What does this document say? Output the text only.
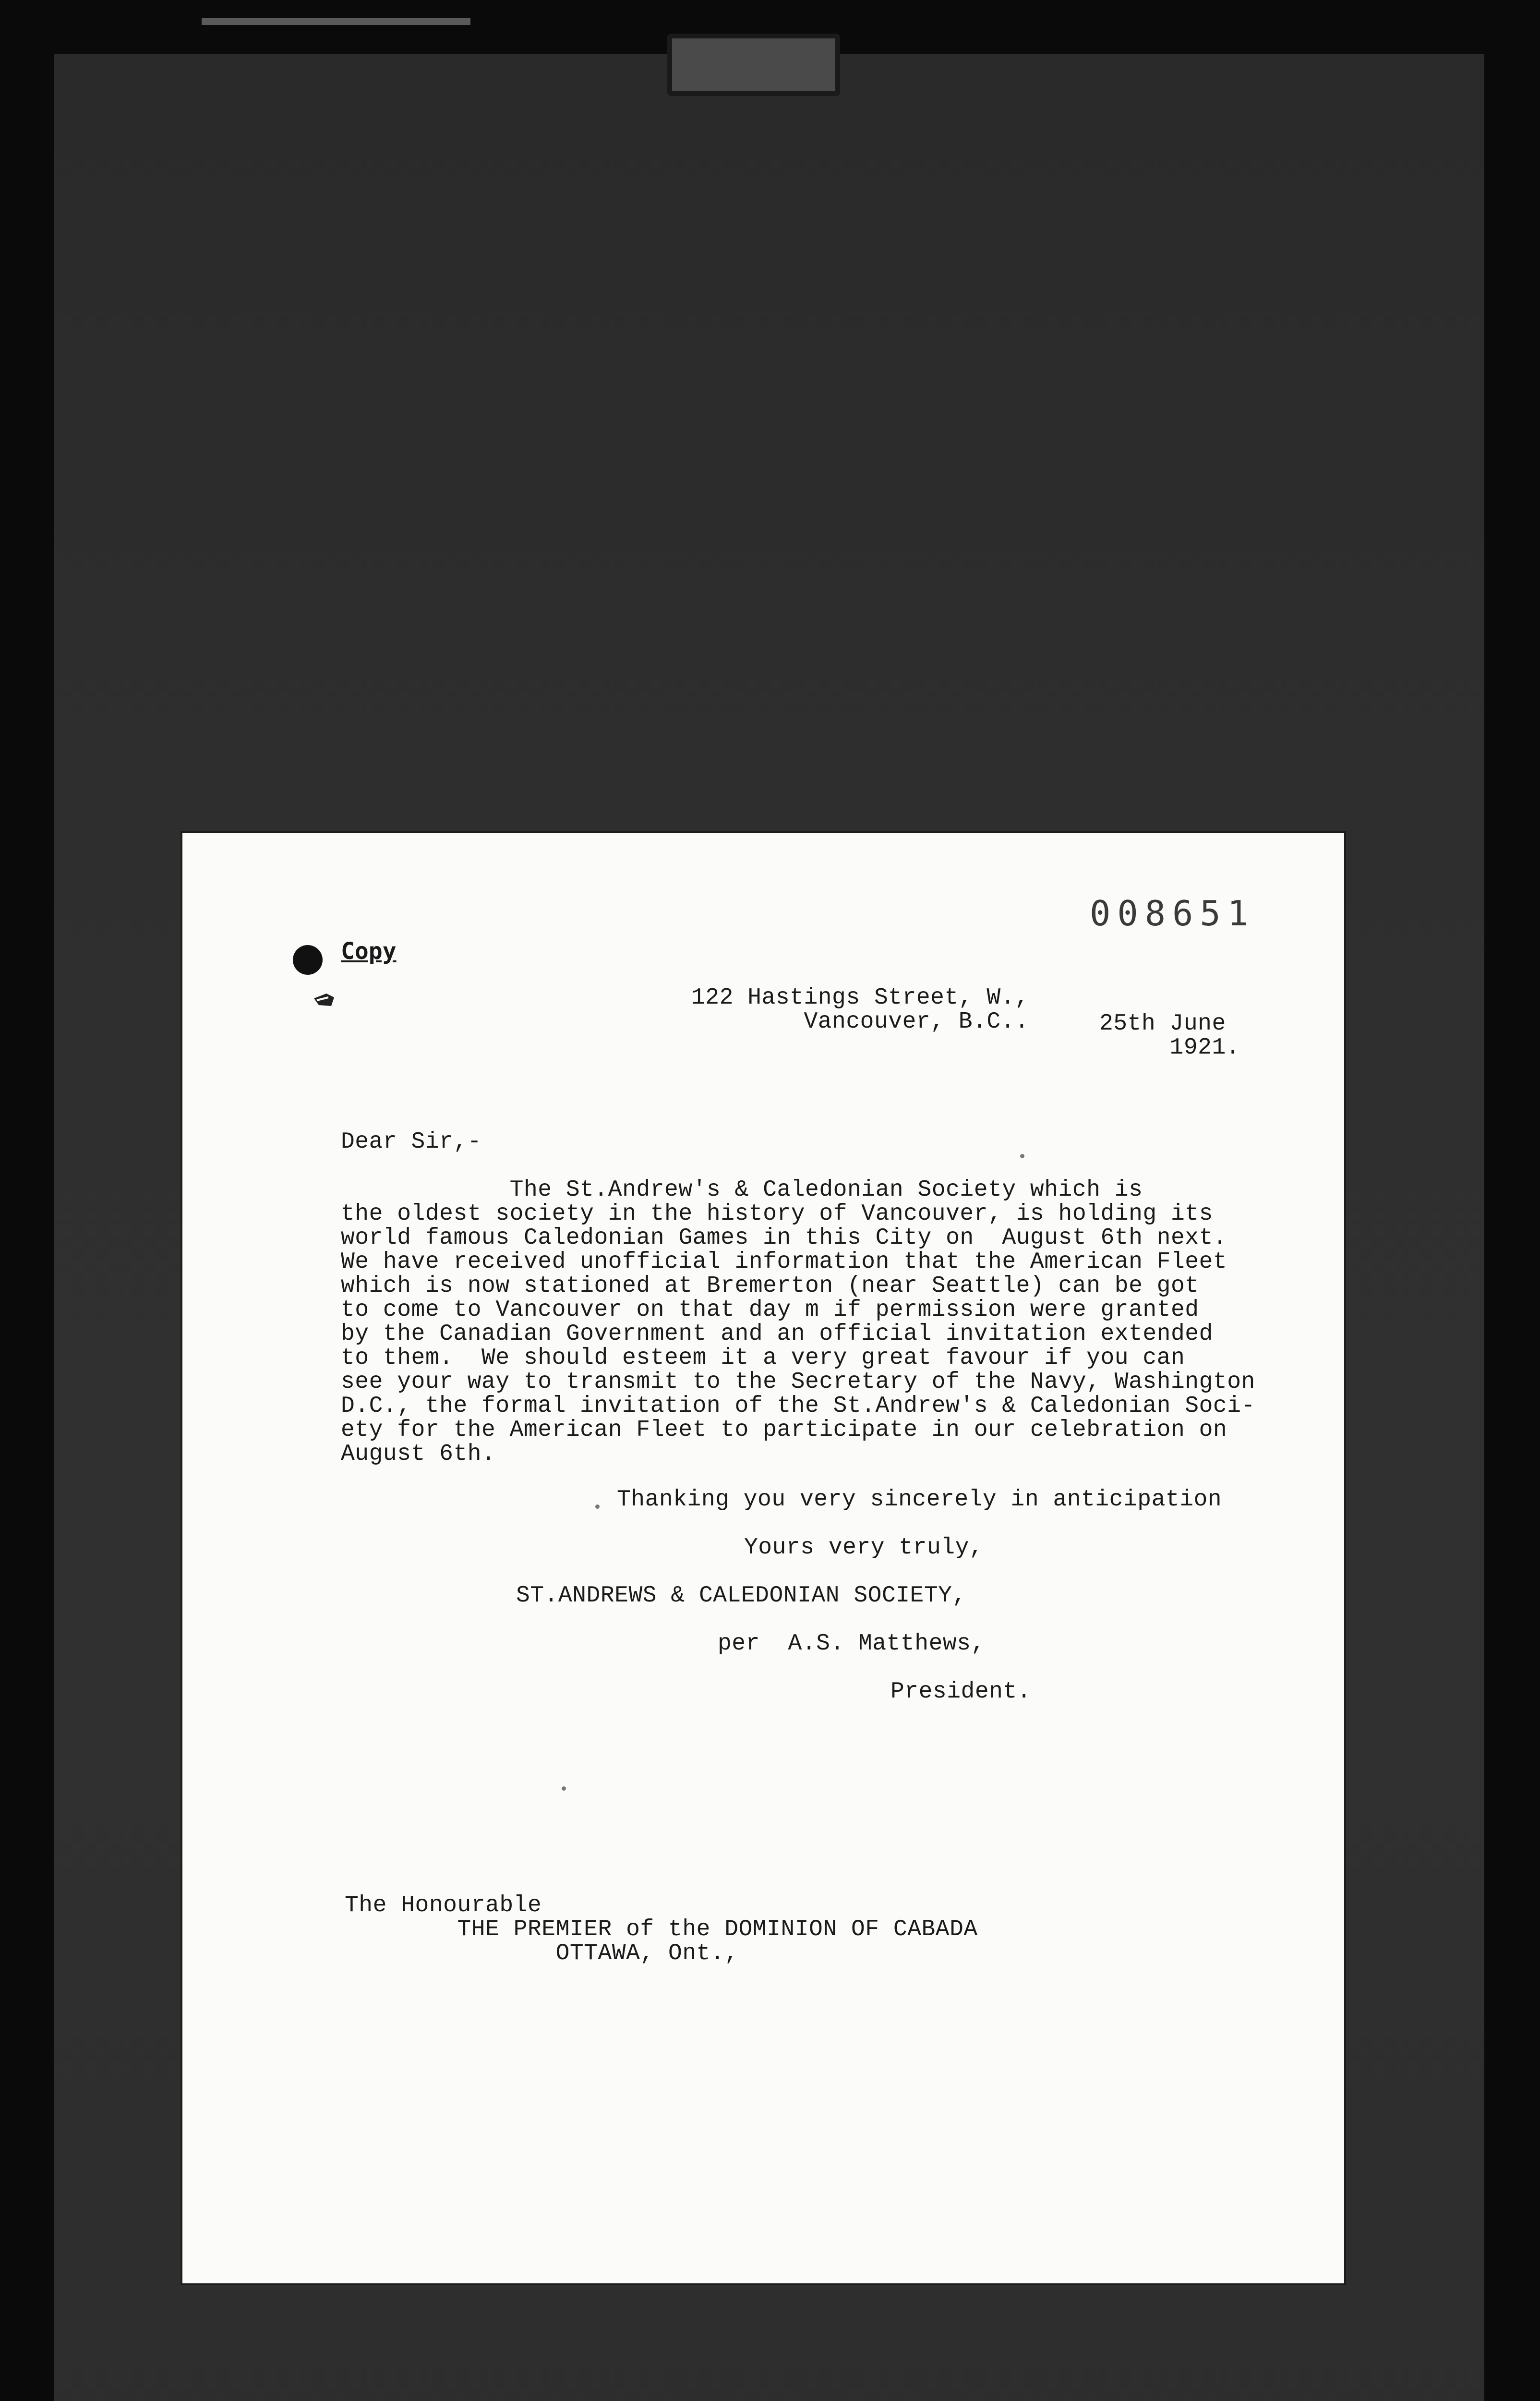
008651
Copy
122 Hastings Street, W.,
Vancouver, B.C..	25th June
1921.
Dear Sir,-
The St.Andrew's & Caledonian Society which is
the oldest society in the history of Vancouver, is holding its
world famous Caledonian Games in this City on  August 6th next.
We have received unofficial information that the American Fleet
which is now stationed at Bremerton (near Seattle) can be got
to come to Vancouver on that day m if permission were granted
by the Canadian Government and an official invitation extended
to them.  We should esteem it a very great favour if you can
see your way to transmit to the Secretary of the Navy, Washington
D.C., the formal invitation of the St.Andrew's & Caledonian Soci-
ety for the American Fleet to participate in our celebration on
August 6th.
Thanking you very sincerely in anticipation
Yours very truly,
ST.ANDREWS & CALEDONIAN SOCIETY,
per  A.S. Matthews,
President.
The Honourable
THE PREMIER of the DOMINION OF CABADA
OTTAWA, Ont.,
